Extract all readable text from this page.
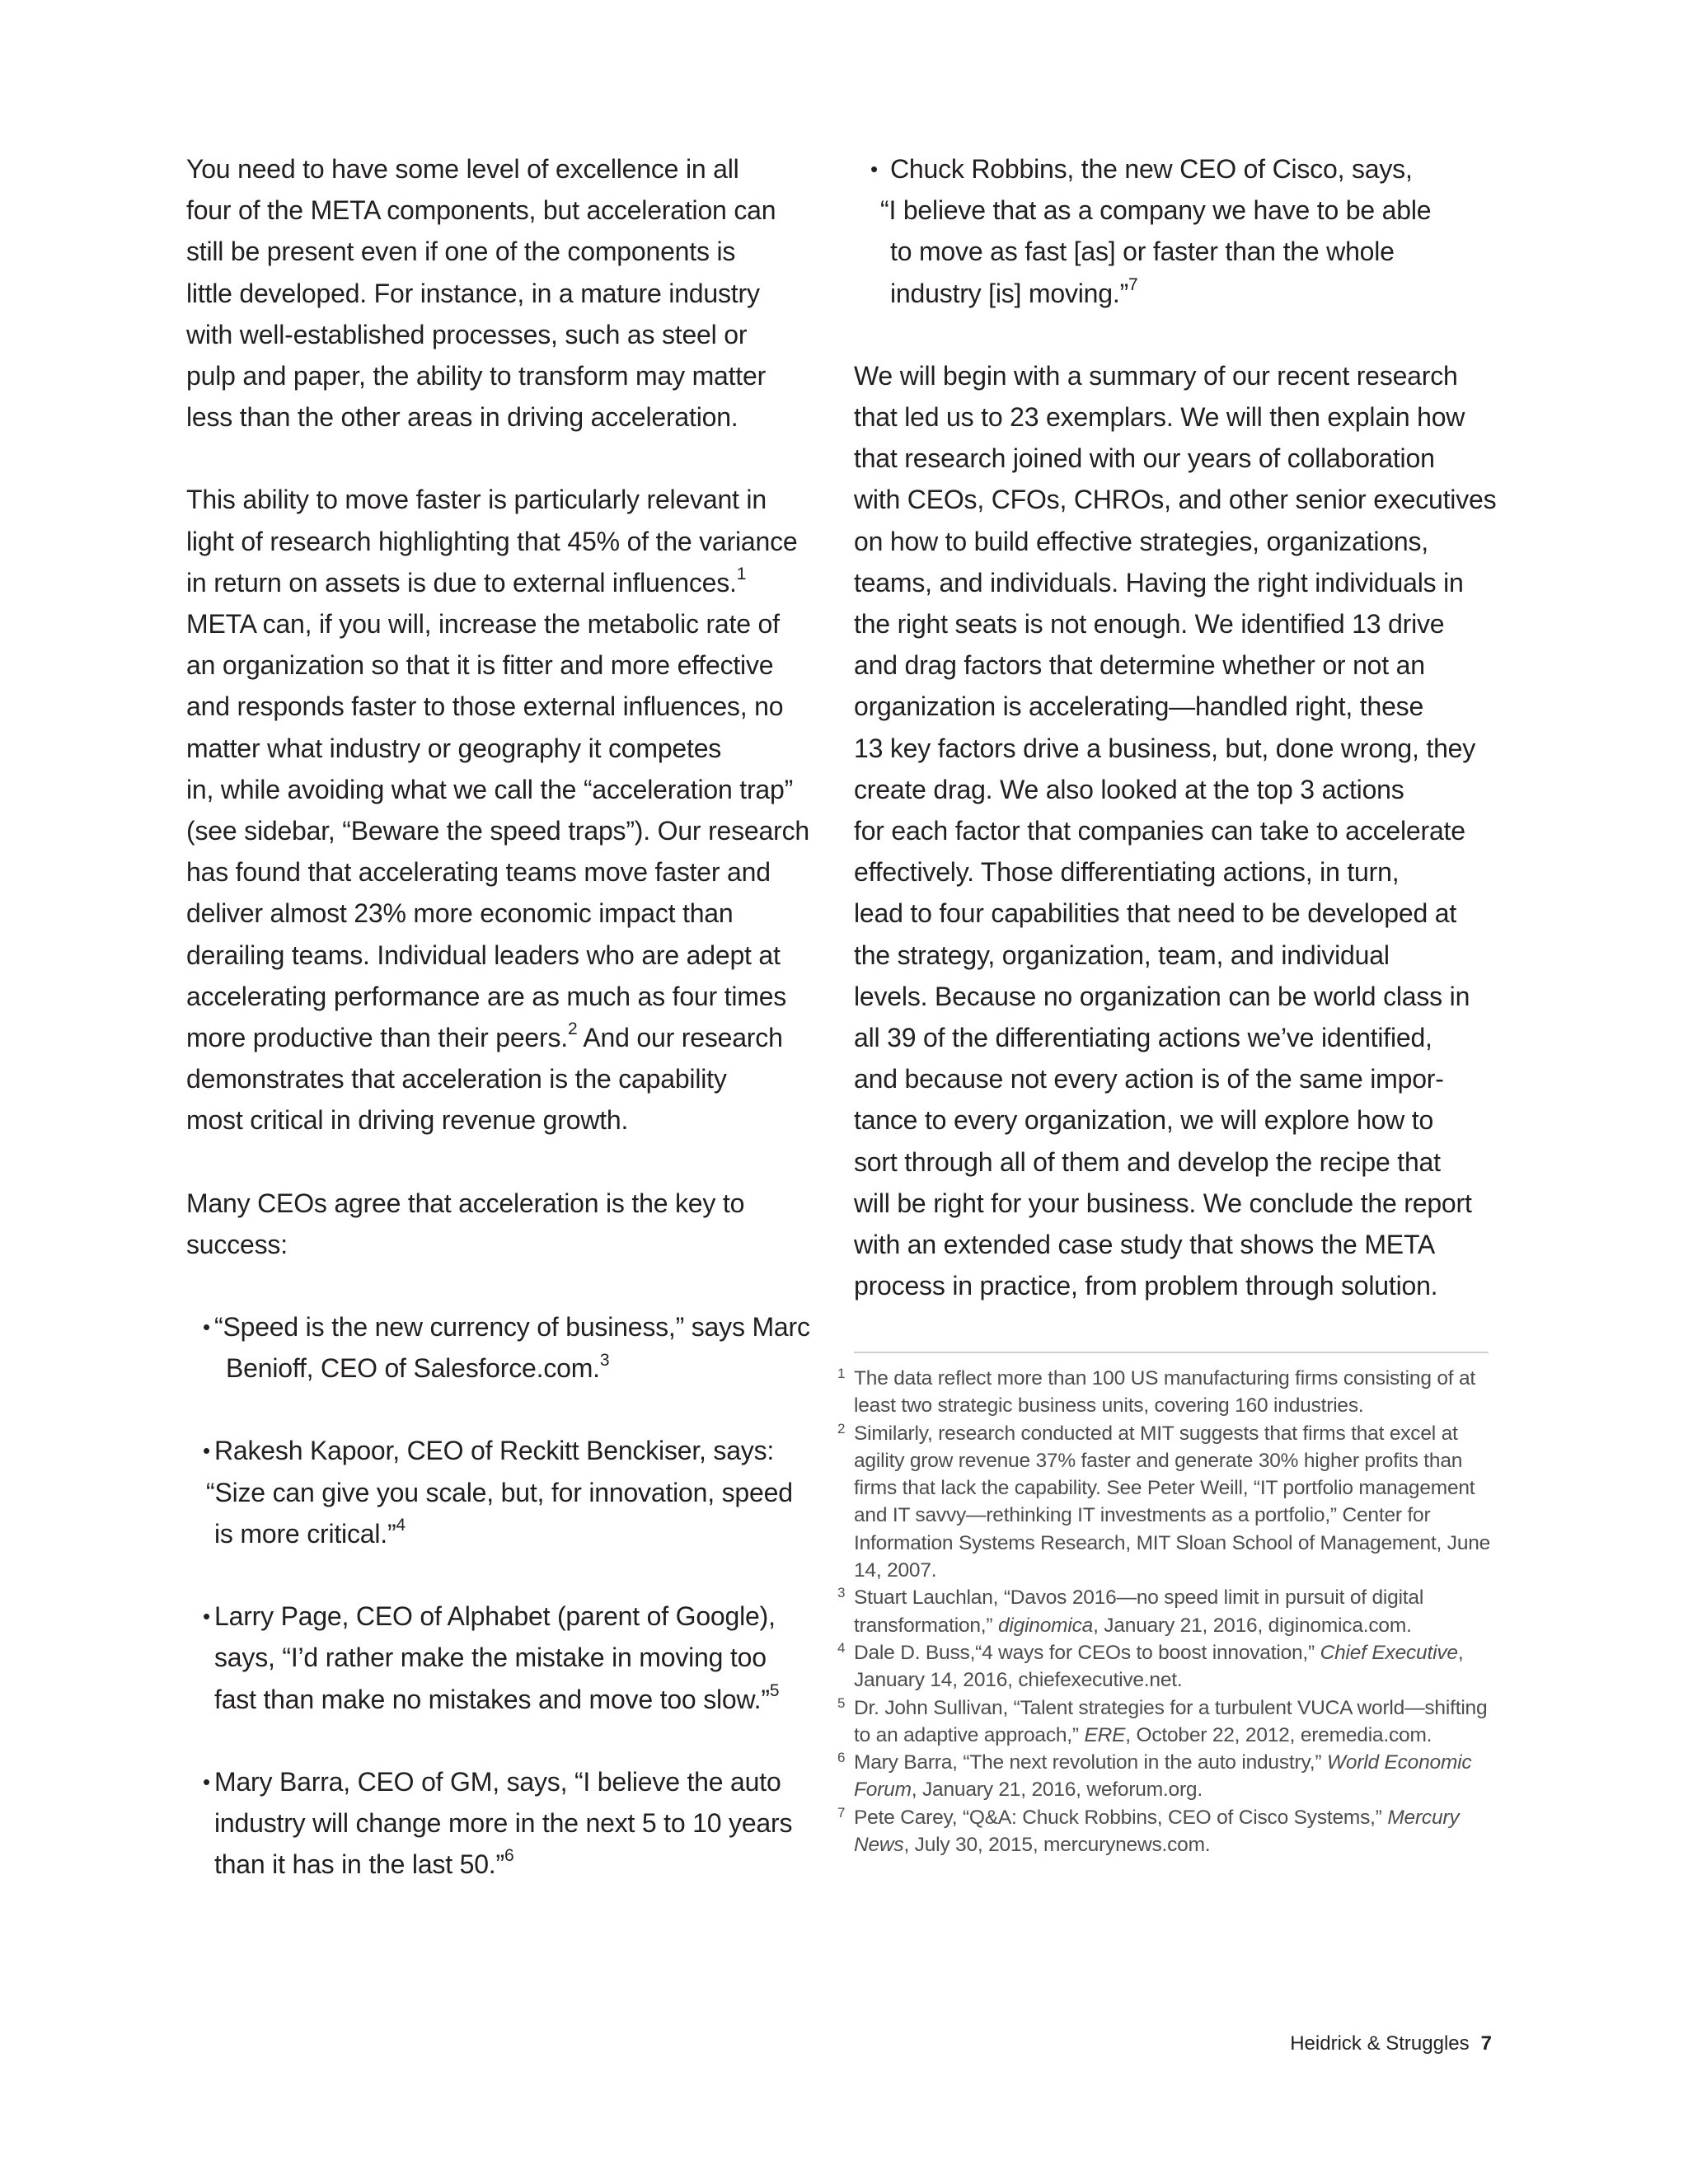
You need to have some level of excellence in all
four of the META components, but acceleration can
still be present even if one of the components is
little developed. For instance, in a mature industry
with well-established processes, such as steel or
pulp and paper, the ability to transform may matter
less than the other areas in driving acceleration.

This ability to move faster is particularly relevant in
light of research highlighting that 45% of the variance
in return on assets is due to external influences.$^1$
META can, if you will, increase the metabolic rate of
an organization so that it is fitter and more effective
and responds faster to those external influences, no
matter what industry or geography it competes
in, while avoiding what we call the “acceleration trap”
(see sidebar, “Beware the speed traps”). Our research
has found that accelerating teams move faster and
deliver almost 23% more economic impact than
derailing teams. Individual leaders who are adept at
accelerating performance are as much as four times
more productive than their peers.$^2$ And our research
demonstrates that acceleration is the capability
most critical in driving revenue growth.

Many CEOs agree that acceleration is the key to success:

• “Speed is the new currency of business,” says Marc
Benioff, CEO of Salesforce.com.$^3$
• Rakesh Kapoor, CEO of Reckitt Benckiser, says:
“Size can give you scale, but, for innovation, speed
is more critical.”$^4$
• Larry Page, CEO of Alphabet (parent of Google),
says, “I’d rather make the mistake in moving too
fast than make no mistakes and move too slow.”$^5$
• Mary Barra, CEO of GM, says, “I believe the auto
industry will change more in the next 5 to 10 years
than it has in the last 50.”$^6$
• Chuck Robbins, the new CEO of Cisco, says,
“I believe that as a company we have to be able
to move as fast [as] or faster than the whole
industry [is] moving.”$^7$

We will begin with a summary of our recent research
that led us to 23 exemplars. We will then explain how
that research joined with our years of collaboration
with CEOs, CFOs, CHROs, and other senior executives
on how to build effective strategies, organizations,
teams, and individuals. Having the right individuals in
the right seats is not enough. We identified 13 drive
and drag factors that determine whether or not an
organization is accelerating—handled right, these
13 key factors drive a business, but, done wrong, they
create drag. We also looked at the top 3 actions
for each factor that companies can take to accelerate
effectively. Those differentiating actions, in turn,
lead to four capabilities that need to be developed at
the strategy, organization, team, and individual
levels. Because no organization can be world class in
all 39 of the differentiating actions we’ve identified,
and because not every action is of the same impor-
tance to every organization, we will explore how to
sort through all of them and develop the recipe that
will be right for your business. We conclude the report
with an extended case study that shows the META
process in practice, from problem through solution.

1 The data reflect more than 100 US manufacturing firms consisting of at least two strategic business units, covering 160 industries.
2 Similarly, research conducted at MIT suggests that firms that excel at agility grow revenue 37% faster and generate 30% higher profits than firms that lack the capability. See Peter Weill, “IT portfolio management and IT savvy—rethinking IT investments as a portfolio,” Center for Information Systems Research, MIT Sloan School of Management, June 14, 2007.
3 Stuart Lauchlan, “Davos 2016—no speed limit in pursuit of digital transformation,” diginomica, January 21, 2016, diginomica.com.
4 Dale D. Buss,“4 ways for CEOs to boost innovation,” Chief Executive, January 14, 2016, chiefexecutive.net.
5 Dr. John Sullivan, “Talent strategies for a turbulent VUCA world—shifting to an adaptive approach,” ERE, October 22, 2012, eremedia.com.
6 Mary Barra, “The next revolution in the auto industry,” World Economic Forum, January 21, 2016, weforum.org.
7 Pete Carey, “Q&A: Chuck Robbins, CEO of Cisco Systems,” Mercury News, July 30, 2015, mercurynews.com.
Heidrick & Struggles 7
